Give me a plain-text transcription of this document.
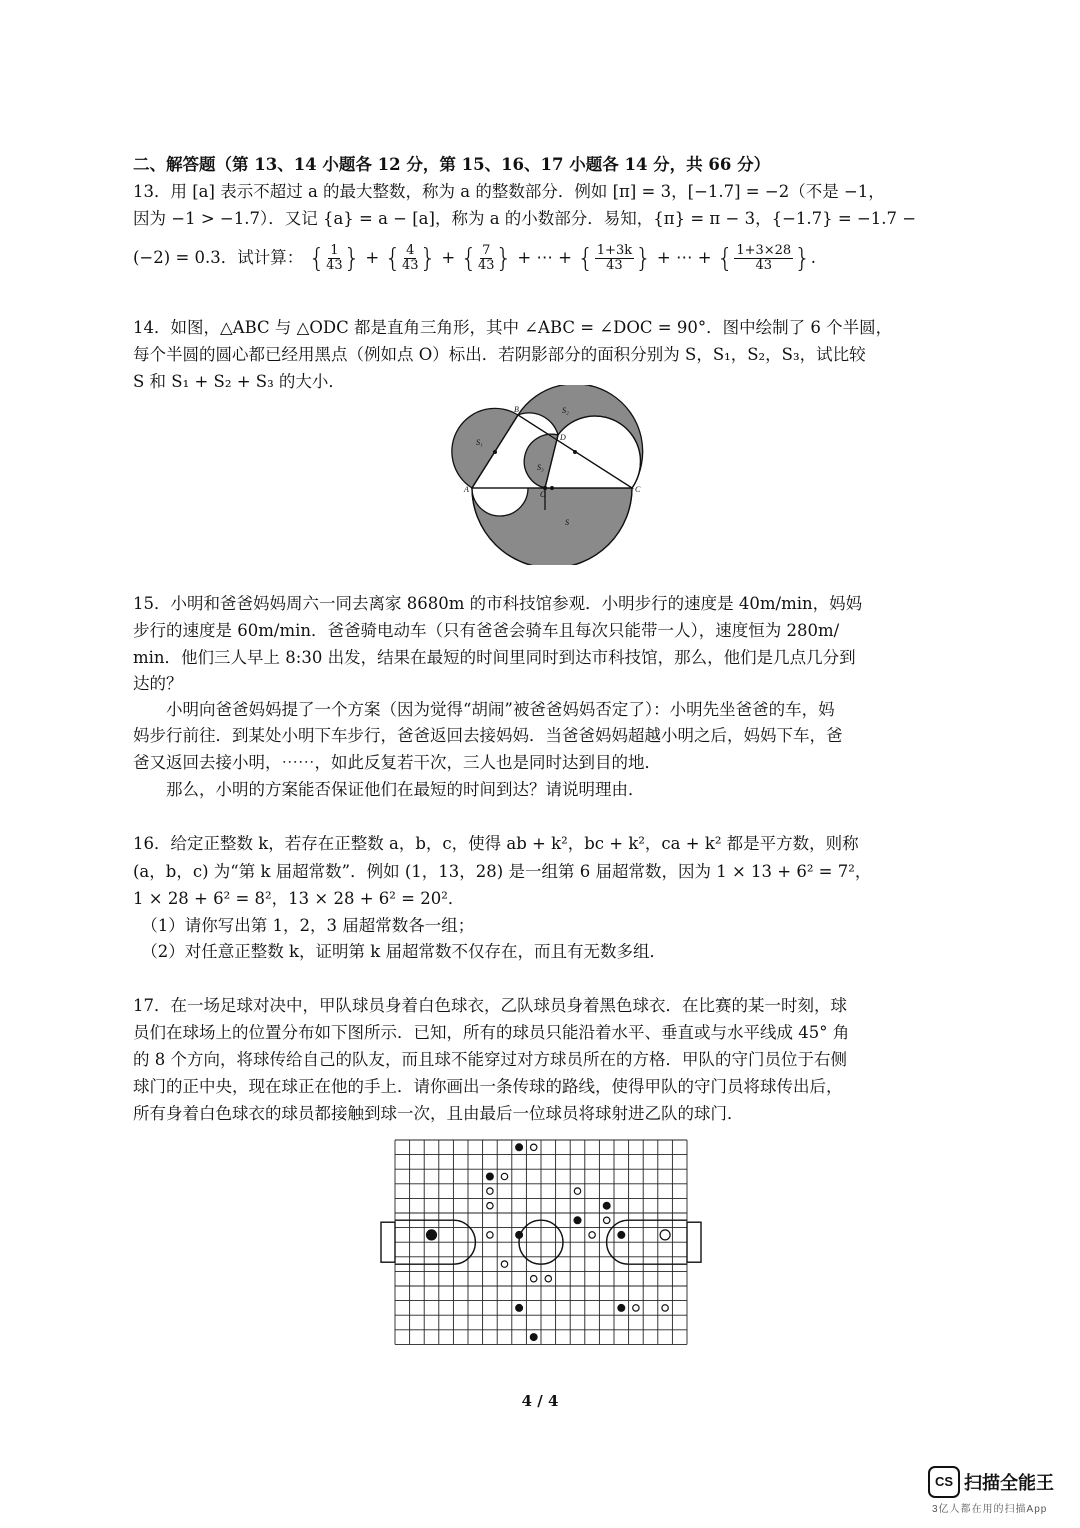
二、解答题（第 13、14 小题各 12 分，第 15、16、17 小题各 14 分，共 66 分）
13．用 [a] 表示不超过 a 的最大整数，称为 a 的整数部分．例如 [π] = 3，[−1.7] = −2（不是 −1，
因为 −1 > −1.7）．又记 {a} = a − [a]，称为 a 的小数部分．易知，{π} = π − 3，{−1.7} = −1.7 −
(−2) = 0.3．试计算： { $\frac{1}{43}$ } + { $\frac{4}{43}$ } + { $\frac{7}{43}$ } + ⋯ + { $\frac{1+3k}{43}$ } + ⋯ + { $\frac{1+3\times 28}{43}$ }.
14．如图，△ABC 与 △ODC 都是直角三角形，其中 ∠ABC = ∠DOC = 90°．图中绘制了 6 个半圆，
每个半圆的圆心都已经用黑点（例如点 O）标出．若阴影部分的面积分别为 S，S₁，S₂，S₃，试比较
S 和 S₁ + S₂ + S₃ 的大小．
A
B
C
D
O
S
S₁
S₂
S₃
15．小明和爸爸妈妈周六一同去离家 8680m 的市科技馆参观．小明步行的速度是 40m/min，妈妈
步行的速度是 60m/min．爸爸骑电动车（只有爸爸会骑车且每次只能带一人），速度恒为 280m/
min．他们三人早上 8:30 出发，结果在最短的时间里同时到达市科技馆，那么，他们是几点几分到
达的？
　　小明向爸爸妈妈提了一个方案（因为觉得“胡闹”被爸爸妈妈否定了）：小明先坐爸爸的车，妈
妈步行前往．到某处小明下车步行，爸爸返回去接妈妈．当爸爸妈妈超越小明之后，妈妈下车，爸
爸又返回去接小明，⋯⋯，如此反复若干次，三人也是同时达到目的地．
　　那么，小明的方案能否保证他们在最短的时间到达？请说明理由．
16．给定正整数 k，若存在正整数 a，b，c，使得 ab + k²，bc + k²，ca + k² 都是平方数，则称
(a，b，c) 为“第 k 届超常数”．例如 (1，13，28) 是一组第 6 届超常数，因为 1 × 13 + 6² = 7²，
1 × 28 + 6² = 8²，13 × 28 + 6² = 20²．
　（1）请你写出第 1，2，3 届超常数各一组；
　（2）对任意正整数 k，证明第 k 届超常数不仅存在，而且有无数多组．
17．在一场足球对决中，甲队球员身着白色球衣，乙队球员身着黑色球衣．在比赛的某一时刻，球
员们在球场上的位置分布如下图所示．已知，所有的球员只能沿着水平、垂直或与水平线成 45° 角
的 8 个方向，将球传给自己的队友，而且球不能穿过对方球员所在的方格．甲队的守门员位于右侧
球门的正中央，现在球正在他的手上．请你画出一条传球的路线，使得甲队的守门员将球传出后，
所有身着白色球衣的球员都接触到球一次，且由最后一位球员将球射进乙队的球门．
4 / 4
CS 扫描全能王
3亿人都在用的扫描App
